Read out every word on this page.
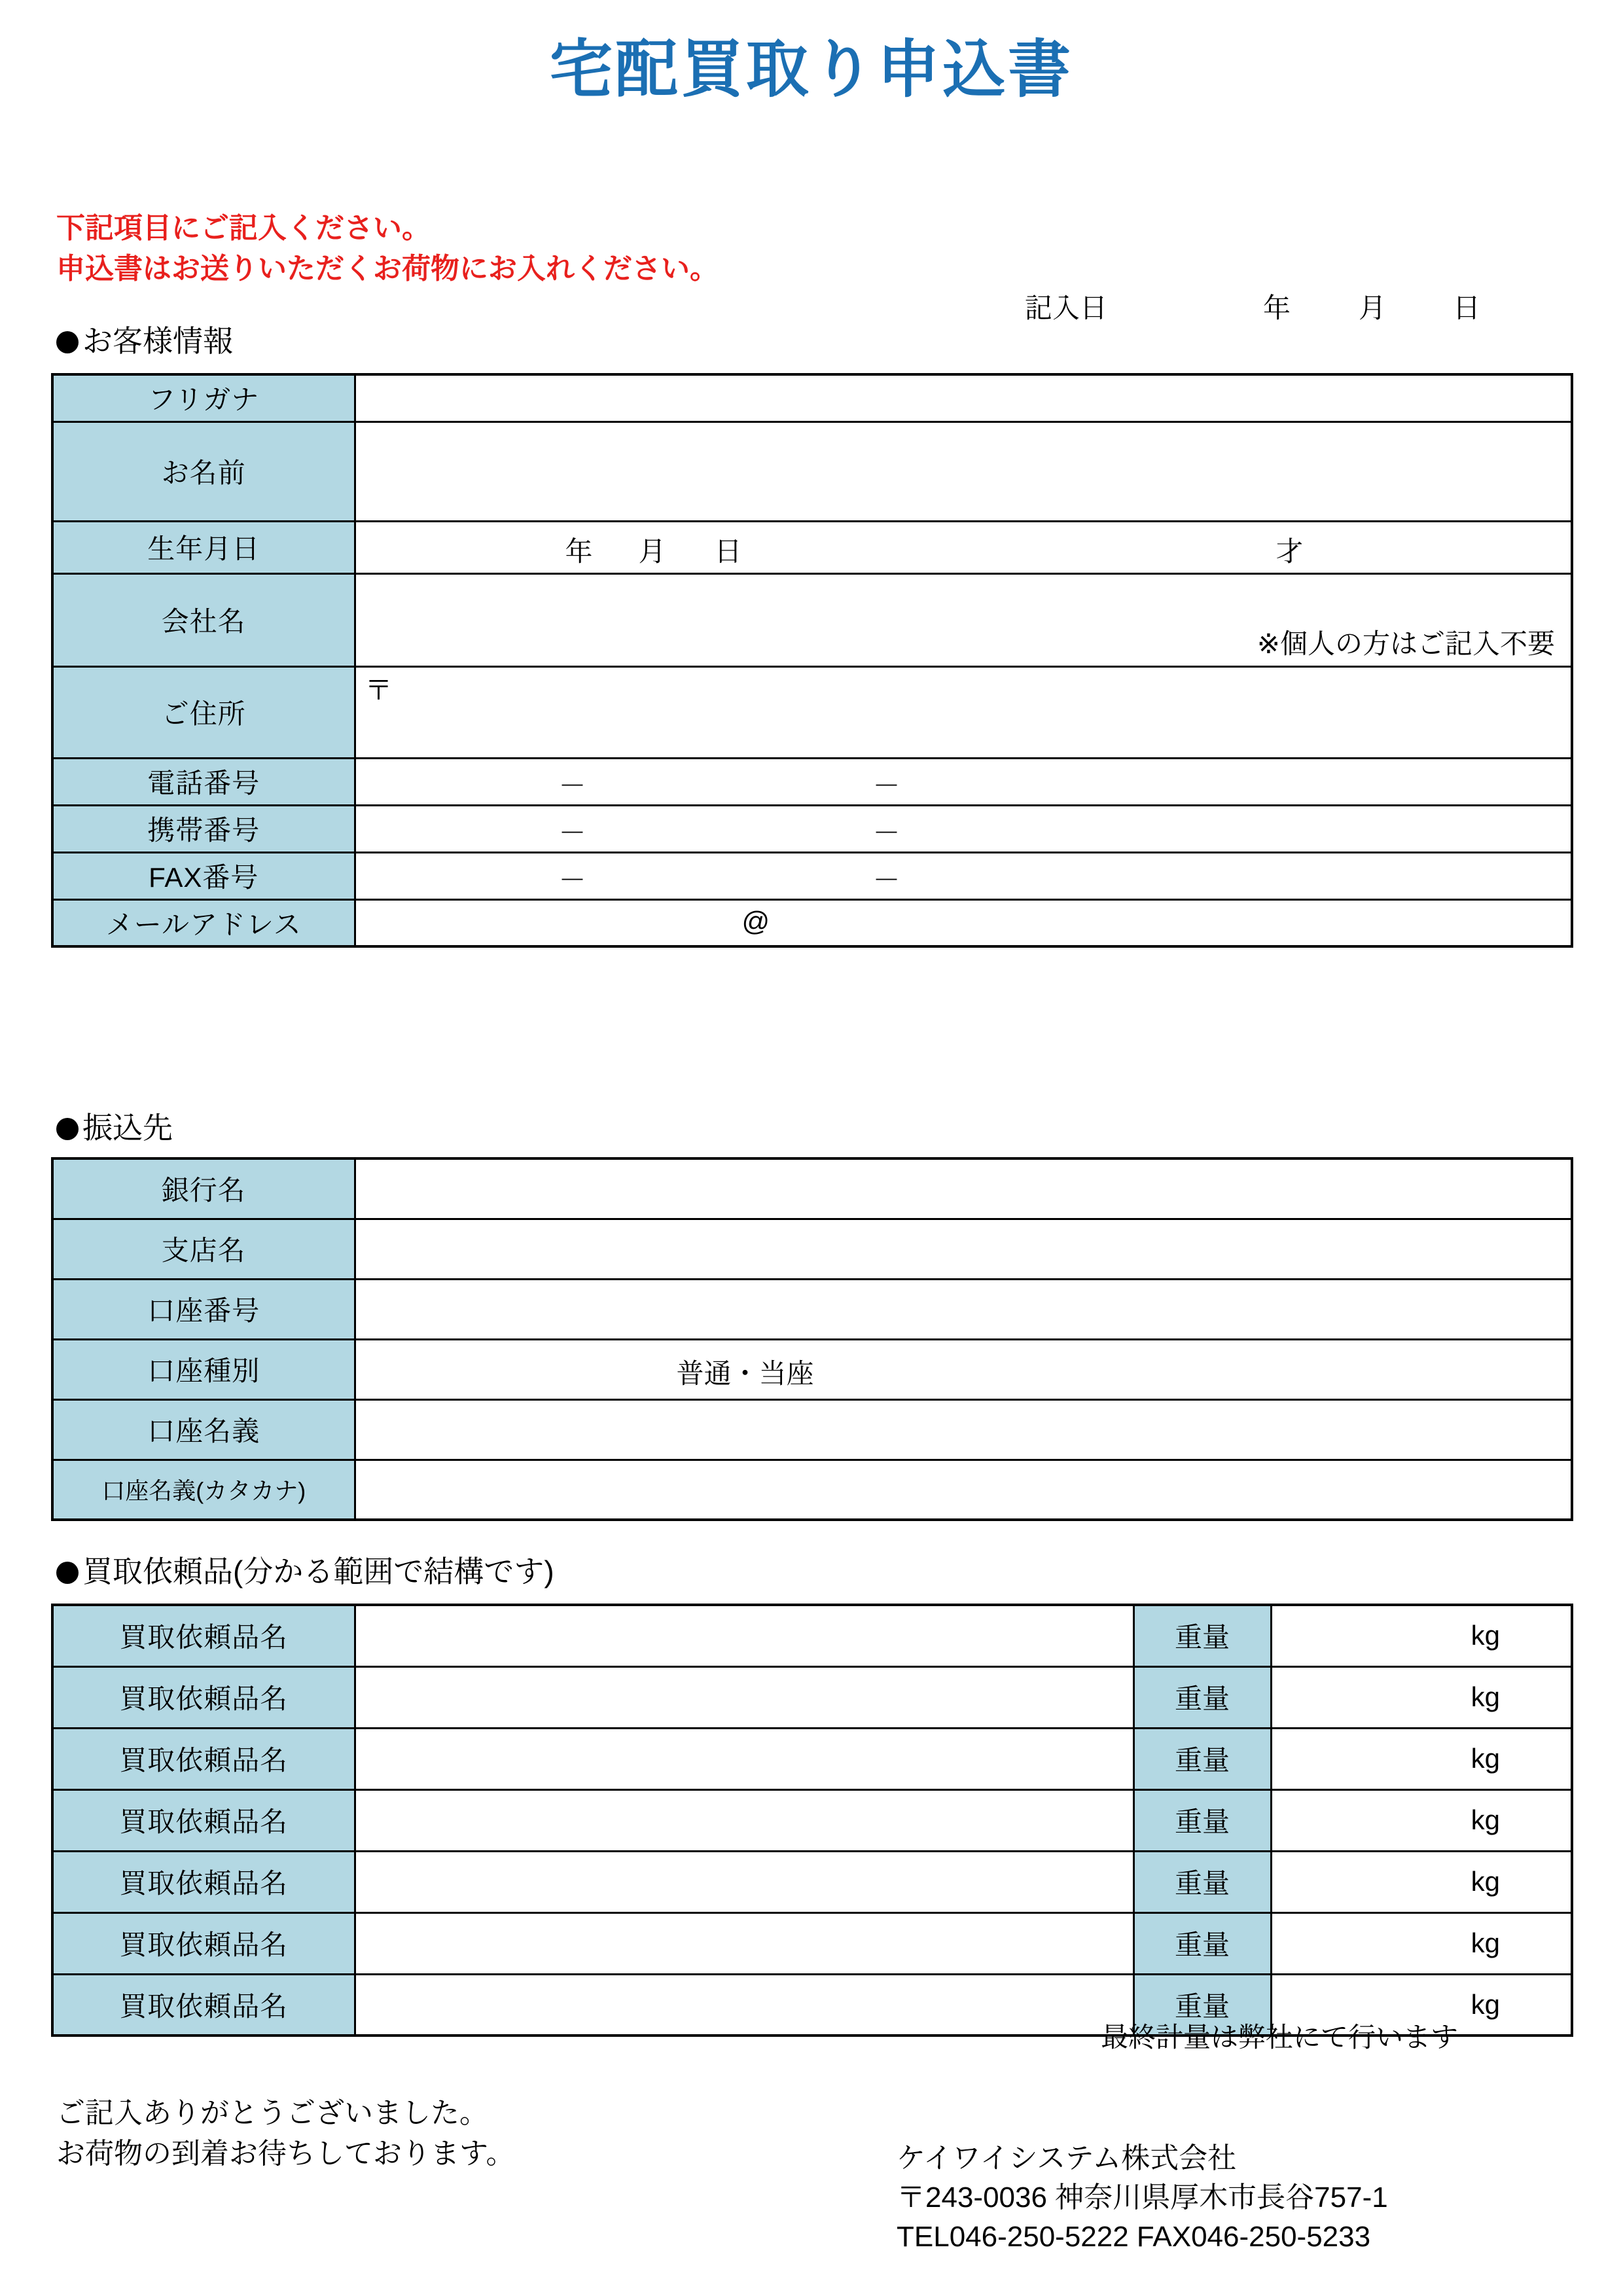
宅配買取り申込書
下記項目にご記入ください。
申込書はお送りいただくお荷物にお入れください。
記入日	年 月 日
お客様情報
フリガナ	
お名前	
生年月日	年 月 日 才

会社名	※個人の方はご記入不要

ご住所	〒

電話番号	－ －

携帯番号	－ －

FAX番号	－ －

メールアドレス	@
振込先
銀行名	
支店名	
口座番号	
口座種別	普通・当座

口座名義	
口座名義(カタカナ)	
買取依頼品(分かる範囲で結構です)
買取依頼品名		重量	kg
買取依頼品名		重量	kg
買取依頼品名		重量	kg
買取依頼品名		重量	kg
買取依頼品名		重量	kg
買取依頼品名		重量	kg
買取依頼品名		重量	kg
最終計量は弊社にて行います
ご記入ありがとうございました。
お荷物の到着お待ちしております。	ケイワイシステム株式会社
〒243-0036 神奈川県厚木市長谷757-1
TEL046-250-5222 FAX046-250-5233
